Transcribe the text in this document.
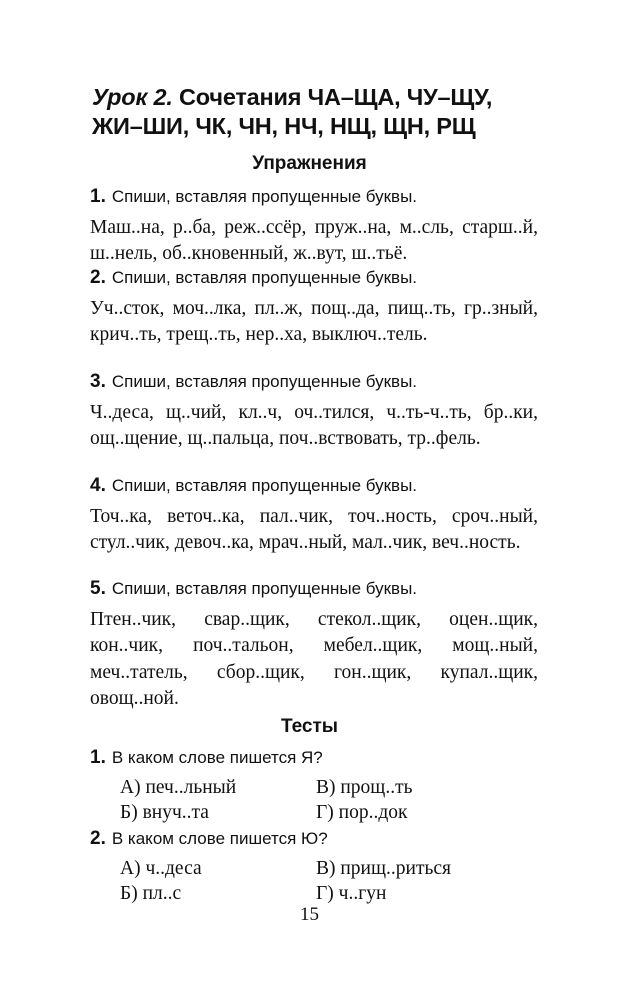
Урок 2. Сочетания ЧА–ЩА, ЧУ–ЩУ,
ЖИ–ШИ, ЧК, ЧН, НЧ, НЩ, ЩН, РЩ
Упражнения
1. Спиши, вставляя пропущенные буквы.
Маш..на, р..ба, реж..ссёр, пруж..на, м..сль, старш..й, ш..нель, об..кновенный, ж..вут, ш..тьё.
2. Спиши, вставляя пропущенные буквы.
Уч..сток, моч..лка, пл..ж, пощ..да, пищ..ть, гр..зный, крич..ть, трещ..ть, нер..ха, выключ..тель.
3. Спиши, вставляя пропущенные буквы.
Ч..деса, щ..чий, кл..ч, оч..тился, ч..ть-ч..ть, бр..ки, ощ..щение, щ..пальца, поч..вствовать, тр..фель.
4. Спиши, вставляя пропущенные буквы.
Точ..ка, веточ..ка, пал..чик, точ..ность, сроч..ный, стул..чик, девоч..ка, мрач..ный, мал..чик, веч..ность.
5. Спиши, вставляя пропущенные буквы.
Птен..чик, свар..щик, стекол..щик, оцен..щик, кон..чик, поч..тальон, мебел..щик, мощ..ный, меч..татель, сбор..щик, гон..щик, купал..щик, овощ..ной.
Тесты
1. В каком слове пишется Я?
А) печ..льный	В) прощ..ть
Б) внуч..та	Г) пор..док
2. В каком слове пишется Ю?
А) ч..деса	В) прищ..риться
Б) пл..с	Г) ч..гун
15
